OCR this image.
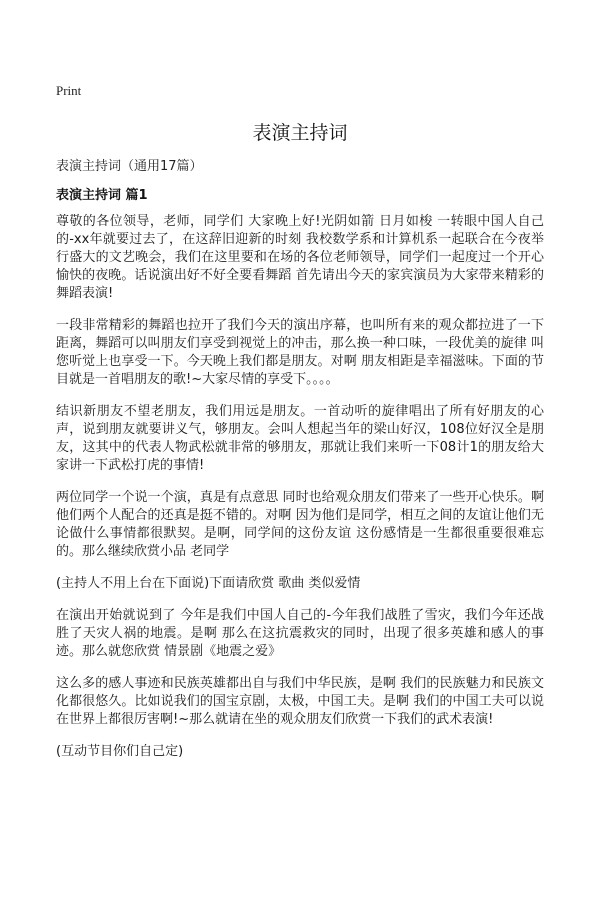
Print
表演主持词
表演主持词（通用17篇）
表演主持词 篇1

尊敬的各位领导，老师，同学们 大家晚上好!光阴如箭 日月如梭 一转眼中国人自己的-xx年就要过去了，在这辞旧迎新的时刻 我校数学系和计算机系一起联合在今夜举行盛大的文艺晚会，我们在这里要和在场的各位老师领导，同学们一起度过一个开心愉快的夜晚。话说演出好不好全要看舞蹈 首先请出今天的家宾演员为大家带来精彩的舞蹈表演!

一段非常精彩的舞蹈也拉开了我们今天的演出序幕，也叫所有来的观众都拉进了一下距离，舞蹈可以叫朋友们享受到视觉上的冲击，那么换一种口味，一段优美的旋律 叫您听觉上也享受一下。今天晚上我们都是朋友。对啊 朋友相距是幸福滋味。下面的节目就是一首唱朋友的歌!~大家尽情的享受下。。。。

结识新朋友不望老朋友，我们用远是朋友。一首动听的旋律唱出了所有好朋友的心声，说到朋友就要讲义气，够朋友。会叫人想起当年的梁山好汉，108位好汉全是朋友，这其中的代表人物武松就非常的够朋友，那就让我们来听一下08计1的朋友给大家讲一下武松打虎的事情!

两位同学一个说一个演，真是有点意思 同时也给观众朋友们带来了一些开心快乐。啊 他们两个人配合的还真是挺不错的。对啊 因为他们是同学，相互之间的友谊让他们无论做什么事情都很默契。是啊，同学间的这份友谊 这份感情是一生都很重要很难忘的。那么继续欣赏小品 老同学

(主持人不用上台在下面说)下面请欣赏 歌曲 类似爱情

在演出开始就说到了 今年是我们中国人自己的-今年我们战胜了雪灾，我们今年还战胜了天灾人祸的地震。是啊 那么在这抗震救灾的同时，出现了很多英雄和感人的事迹。那么就您欣赏 情景剧《地震之爱》

这么多的感人事迹和民族英雄都出自与我们中华民族，是啊 我们的民族魅力和民族文化都很悠久。比如说我们的国宝京剧，太极，中国工夫。是啊 我们的中国工夫可以说在世界上都很厉害啊!~那么就请在坐的观众朋友们欣赏一下我们的武术表演!

(互动节目你们自己定)
